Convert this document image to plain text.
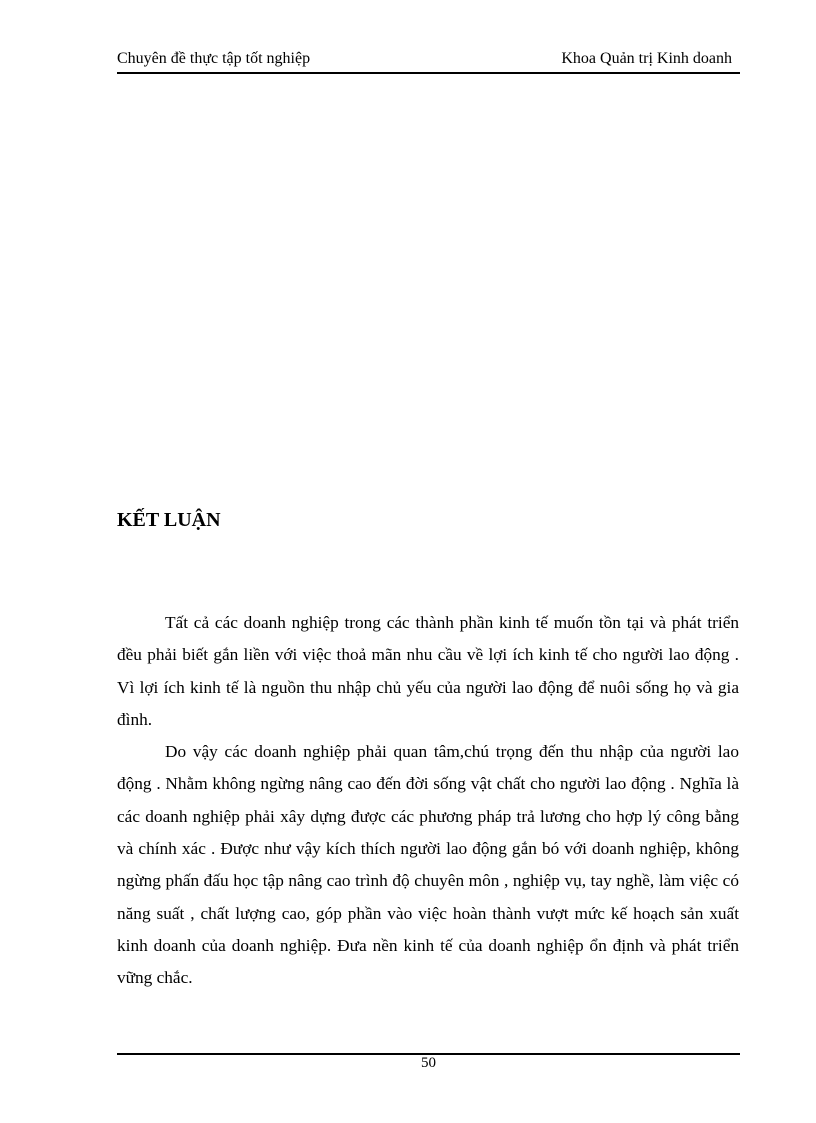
Chuyên đề thực tập tốt nghiệp	Khoa Quản trị Kinh doanh
KẾT LUẬN

Tất cả các doanh nghiệp trong các thành phần kinh tế muốn tồn tại và phát triển đều phải biết gắn liền với việc thoả mãn nhu cầu về lợi ích kinh tế cho người lao động . Vì lợi ích kinh tế là nguồn thu nhập chủ yếu của người lao động để nuôi sống họ và gia đình.

Do vậy các doanh nghiệp phải quan tâm,chú trọng đến thu nhập của người lao động . Nhằm không ngừng nâng cao đến đời sống vật chất cho người lao động . Nghĩa là các doanh nghiệp phải xây dựng được các phương pháp trả lương cho hợp lý công bằng và chính xác . Được như vậy kích thích người lao động gắn bó với doanh nghiệp, không ngừng phấn đấu học tập nâng cao trình độ chuyên môn , nghiệp vụ, tay nghề, làm việc có năng suất , chất lượng cao, góp phần vào việc hoàn thành vượt mức kế hoạch sản xuất kinh doanh của doanh nghiệp. Đưa nền kinh tế của doanh nghiệp ổn định và phát triển vững chắc.

50
